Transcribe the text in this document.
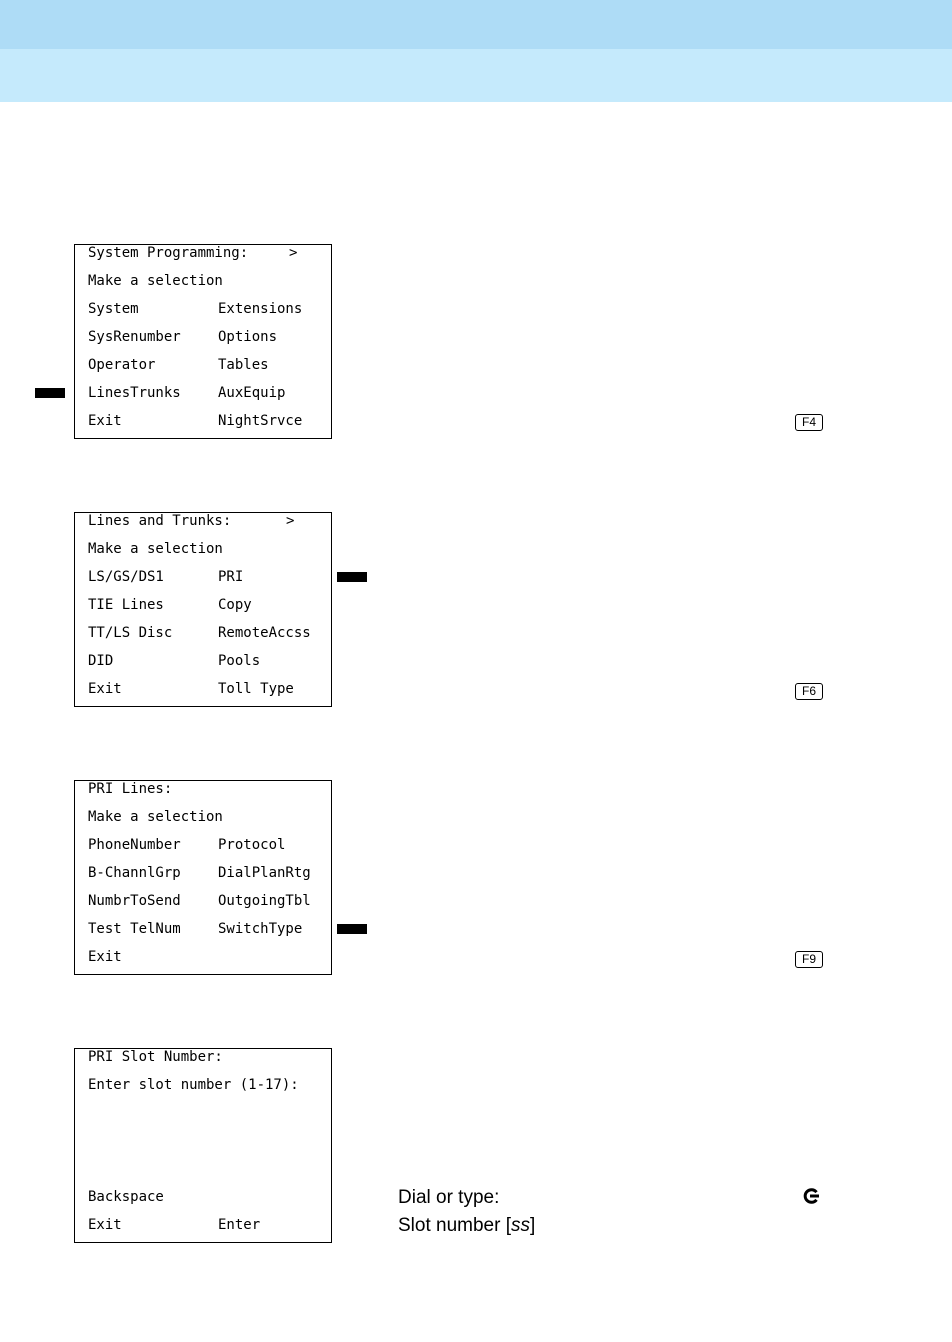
System Programming:	>
Make a selection
System	Extensions
SysRenumber	Options
Operator	Tables
LinesTrunks	AuxEquip
Exit	NightSrvce	F4
Lines and Trunks:	>
Make a selection
LS/GS/DS1	PRI
TIE Lines	Copy
TT/LS Disc	RemoteAccss
DID	Pools
Exit	Toll Type	F6
PRI Lines:
Make a selection
PhoneNumber	Protocol
B-ChannlGrp	DialPlanRtg
NumbrToSend	OutgoingTbl
Test TelNum	SwitchType
Exit	F9
PRI Slot Number:
Enter slot number (1-17):
Backspace
Exit	Enter
Dial or type:
Slot number [ss]
